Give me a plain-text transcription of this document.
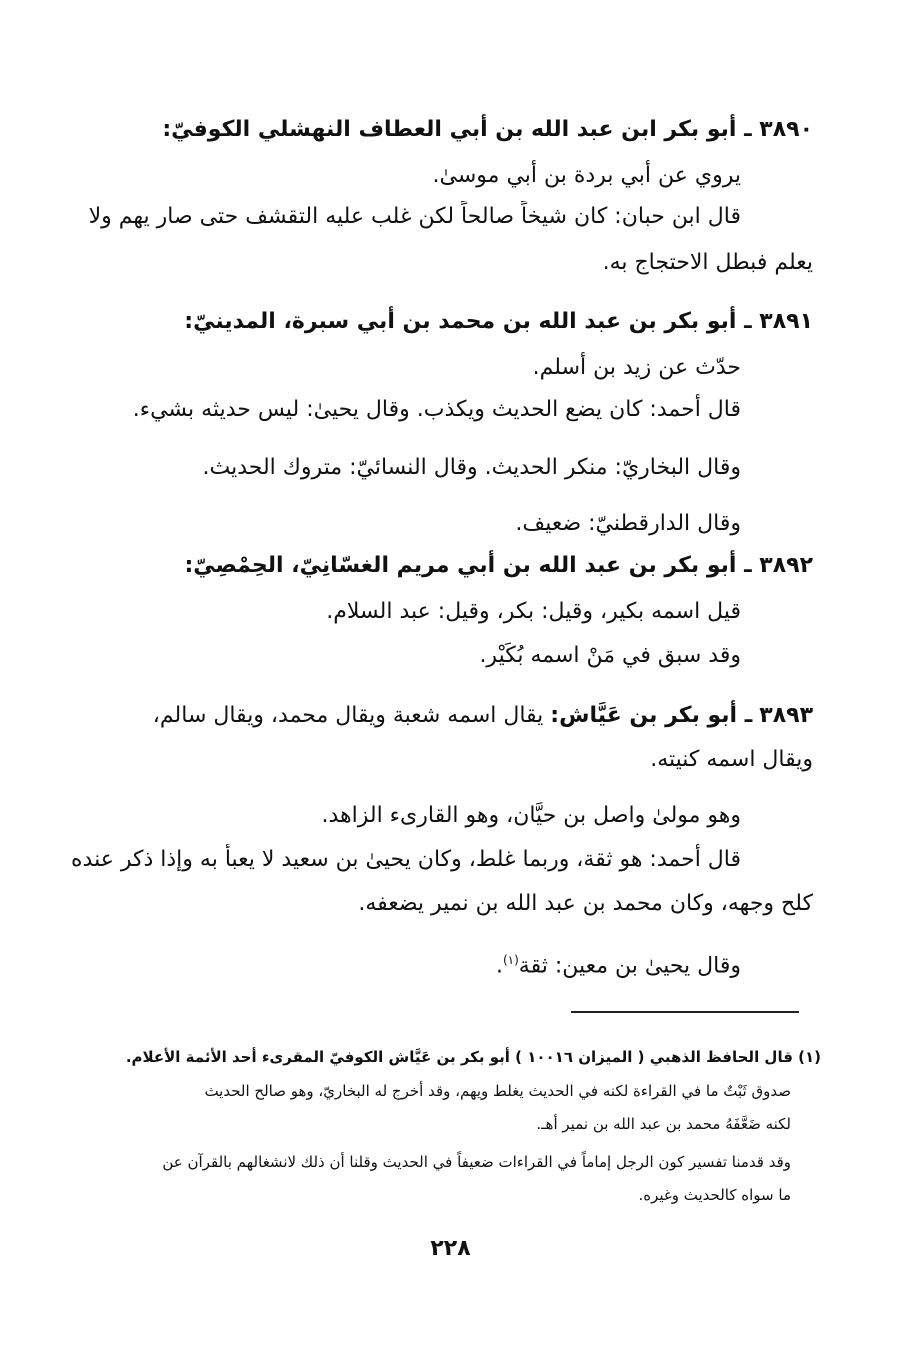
٣٨٩٠ ـ أبو بكر ابن عبد الله بن أبي العطاف النهشلي الكوفيّ:
يروي عن أبي بردة بن أبي موسىٰ.
قال ابن حبان: كان شيخاً صالحاً لكن غلب عليه التقشف حتى صار يهم ولا
يعلم فبطل الاحتجاج به.
٣٨٩١ ـ أبو بكر بن عبد الله بن محمد بن أبي سبرة، المدينيّ:
حدّث عن زيد بن أسلم.
قال أحمد: كان يضع الحديث ويكذب. وقال يحيىٰ: ليس حديثه بشيء.
وقال البخاريّ: منكر الحديث. وقال النسائيّ: متروك الحديث.
وقال الدارقطنيّ: ضعيف.
٣٨٩٢ ـ أبو بكر بن عبد الله بن أبي مريم الغسّانِيّ، الحِمْصِيّ:
قيل اسمه بكير، وقيل: بكر، وقيل: عبد السلام.
وقد سبق في مَنْ اسمه بُكَيْر.
٣٨٩٣ ـ أبو بكر بن عَيَّاش: يقال اسمه شعبة ويقال محمد، ويقال سالم،
ويقال اسمه كنيته.
وهو مولىٰ واصل بن حيَّان، وهو القارىء الزاهد.
قال أحمد: هو ثقة، وربما غلط، وكان يحيىٰ بن سعيد لا يعبأ به وإذا ذكر عنده
كلح وجهه، وكان محمد بن عبد الله بن نمير يضعفه.
وقال يحيىٰ بن معين: ثقة$^{(١)}$.
(١) قال الحافظ الذهبي ( الميزان ١٠٠١٦ ) أبو بكر بن عَيَّاش الكوفيّ المقرىء أحد الأئمة الأعلام.
صدوق ثَبْتٌ ما في القراءة لكنه في الحديث يغلط ويهم، وقد أخرج له البخاريّ، وهو صالح الحديث
لكنه ضَعَّفَهُ محمد بن عبد الله بن نمير أهـ.
وقد قدمنا تفسير كون الرجل إماماً في القراءات ضعيفاً في الحديث وقلنا أن ذلك لانشغالهم بالقرآن عن
ما سواه كالحديث وغيره.
٢٢٨
